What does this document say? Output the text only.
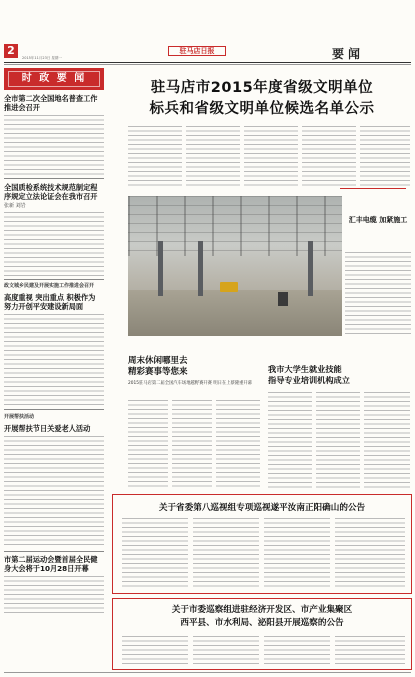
2
2015年11月23日 星期一
驻马店日报	要闻
时 政 要 闻
全市第二次全国地名普查工作推进会召开
全国质检系统技术规范制定程序规定立法论证会在我市召开
张新 刘岩
政文城乡民建及开展实施工作推进会召开
高度重视 突出重点 积极作为 努力开创平安建设新局面
开展帮扶活动
开展帮扶节日关爱老人活动
市第二届运动会暨首届全民健身大会将于10月28日开幕
驻马店市2015年度省级文明单位
标兵和省级文明单位候选名单公示
汇丰电缆 加紧施工
周末休闲哪里去
精彩赛事等您来
2015驻马店第二届全国汽车场地越野赛开赛 明日在上蔡隆重开幕
我市大学生就业技能
指导专业培训机构成立
关于省委第八巡视组专项巡视遂平汝南正阳确山的公告
关于市委巡察组进驻经济开发区、市产业集聚区
西平县、市水利局、泌阳县开展巡察的公告
